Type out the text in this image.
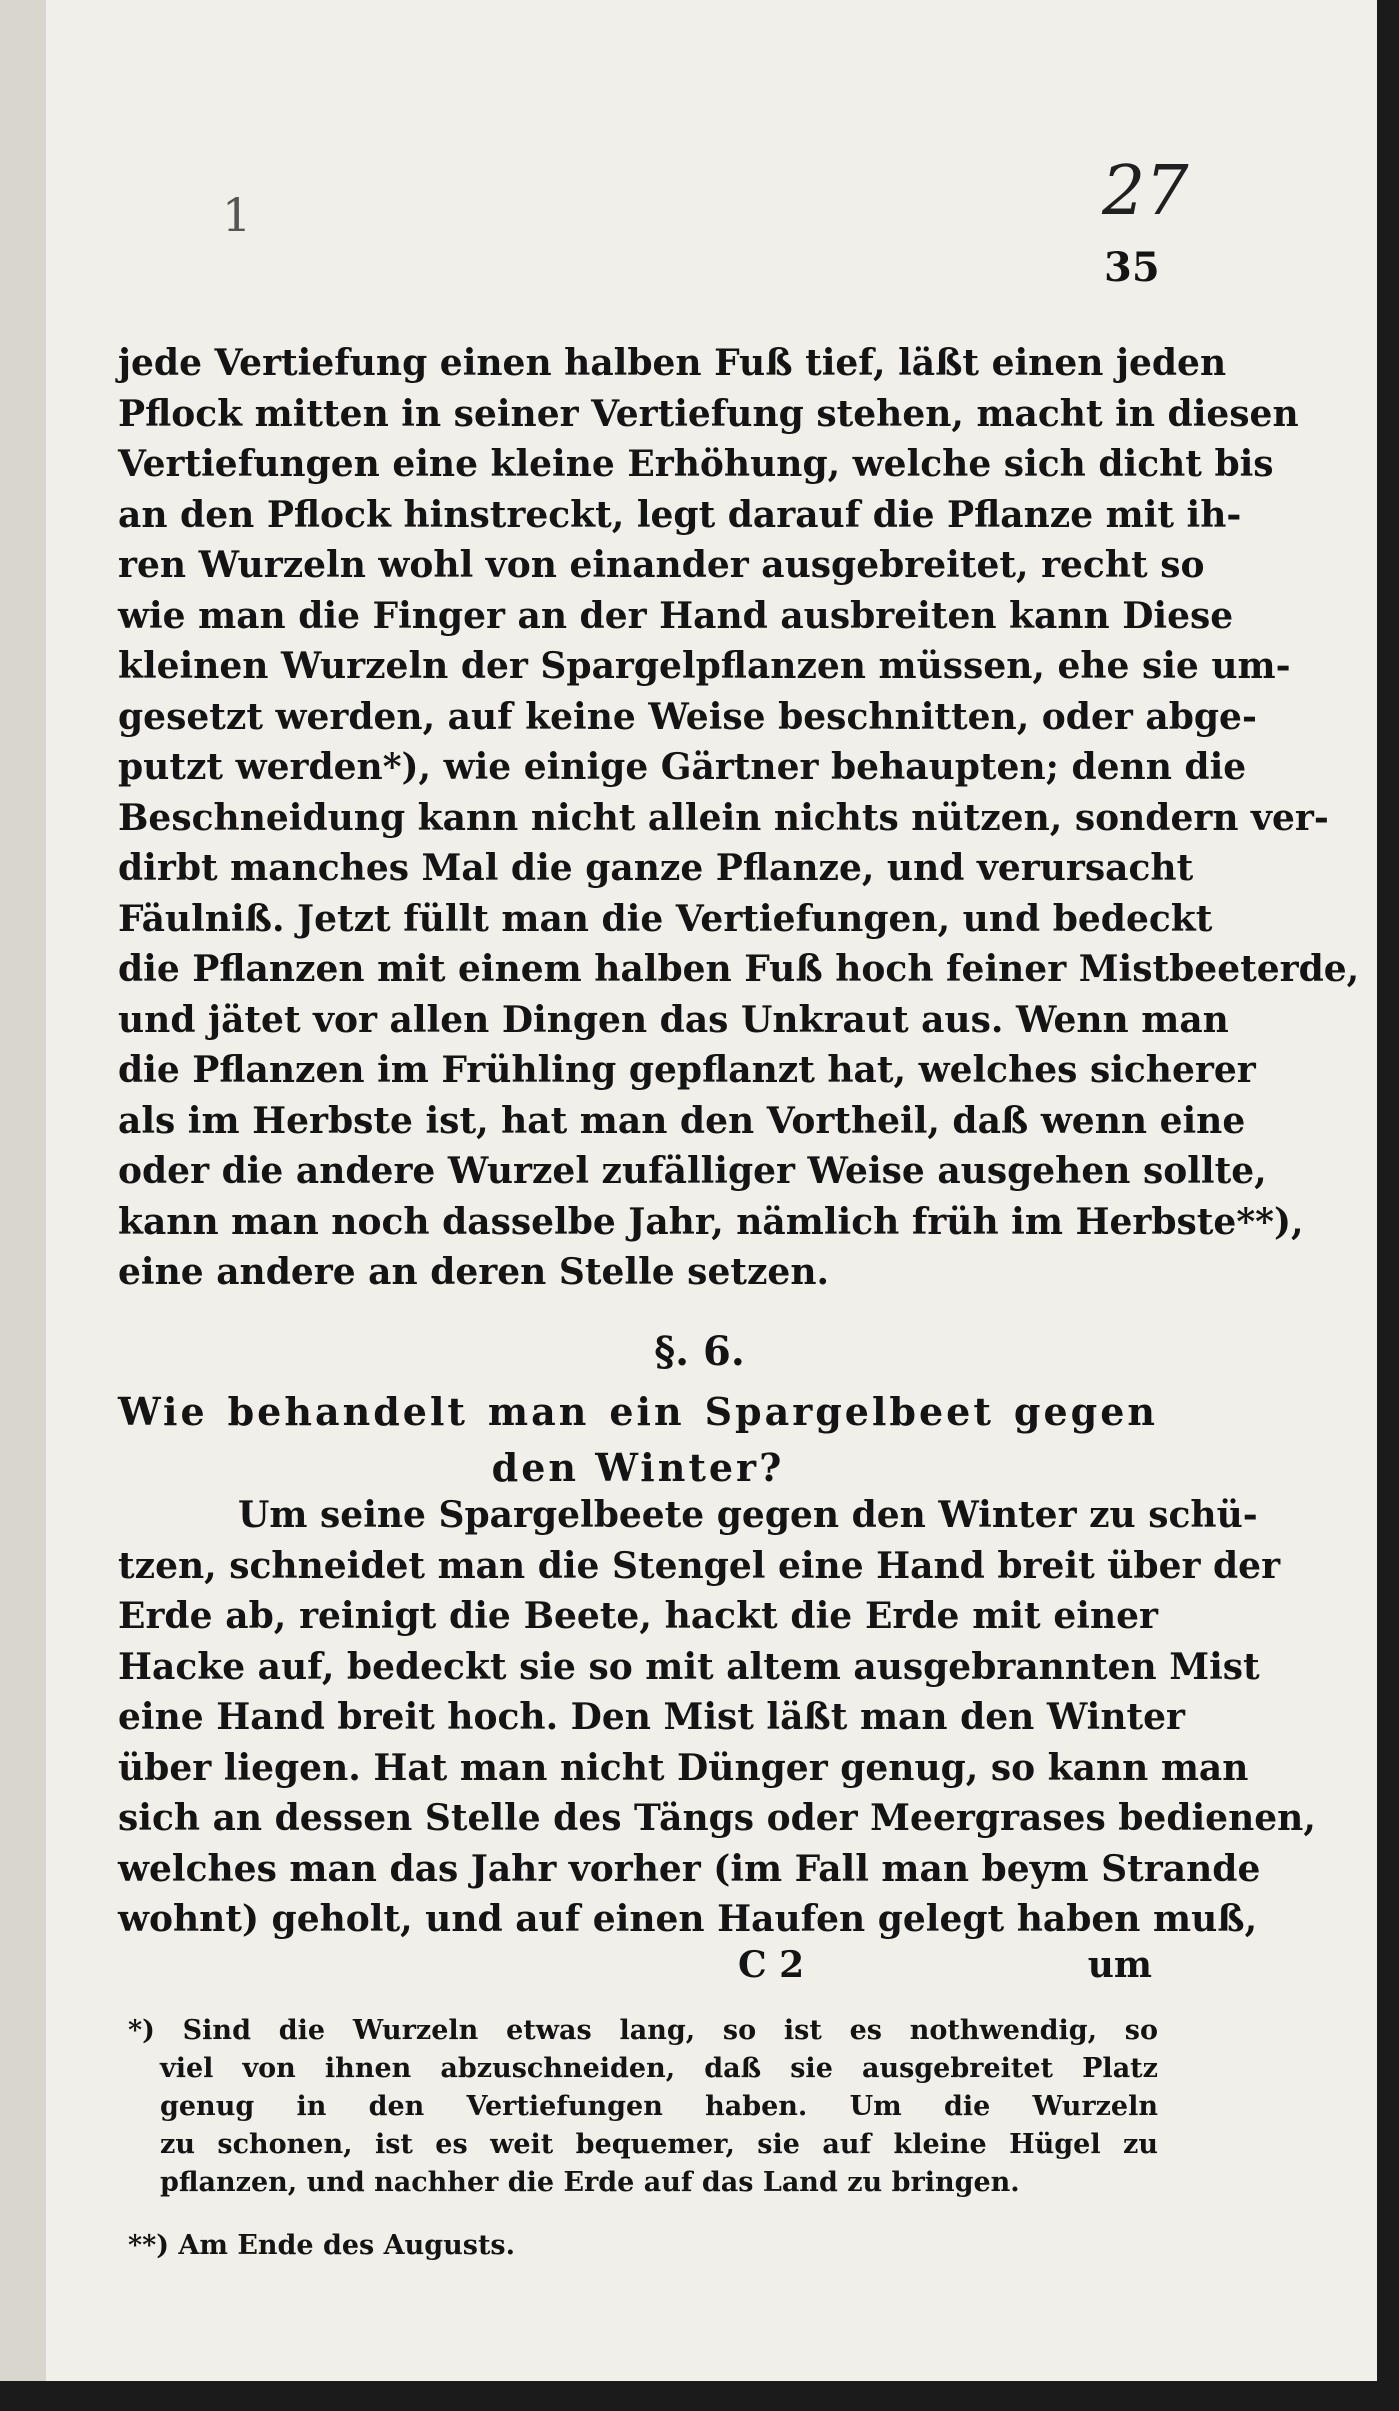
1	27

35

jede Vertiefung einen halben Fuß tief, läßt einen jeden
Pflock mitten in seiner Vertiefung stehen, macht in diesen
Vertiefungen eine kleine Erhöhung, welche sich dicht bis
an den Pflock hinstreckt, legt darauf die Pflanze mit ih-
ren Wurzeln wohl von einander ausgebreitet, recht so
wie man die Finger an der Hand ausbreiten kann Diese
kleinen Wurzeln der Spargelpflanzen müssen, ehe sie um-
gesetzt werden, auf keine Weise beschnitten, oder abge-
putzt werden*), wie einige Gärtner behaupten; denn die
Beschneidung kann nicht allein nichts nützen, sondern ver-
dirbt manches Mal die ganze Pflanze, und verursacht
Fäulniß. Jetzt füllt man die Vertiefungen, und bedeckt
die Pflanzen mit einem halben Fuß hoch feiner Mistbeeterde,
und jätet vor allen Dingen das Unkraut aus. Wenn man
die Pflanzen im Frühling gepflanzt hat, welches sicherer
als im Herbste ist, hat man den Vortheil, daß wenn eine
oder die andere Wurzel zufälliger Weise ausgehen sollte,
kann man noch dasselbe Jahr, nämlich früh im Herbste**),
eine andere an deren Stelle setzen.

§. 6.

Wie behandelt man ein Spargelbeet gegen
den Winter?
Um seine Spargelbeete gegen den Winter zu schü-
tzen, schneidet man die Stengel eine Hand breit über der
Erde ab, reinigt die Beete, hackt die Erde mit einer
Hacke auf, bedeckt sie so mit altem ausgebrannten Mist
eine Hand breit hoch. Den Mist läßt man den Winter
über liegen. Hat man nicht Dünger genug, so kann man
sich an dessen Stelle des Tängs oder Meergrases bedienen,
welches man das Jahr vorher (im Fall man beym Strande
wohnt) geholt, und auf einen Haufen gelegt haben muß,

C 2	um

*) Sind die Wurzeln etwas lang, so ist es nothwendig, so
viel von ihnen abzuschneiden, daß sie ausgebreitet Platz
genug in den Vertiefungen haben. Um die Wurzeln
zu schonen, ist es weit bequemer, sie auf kleine Hügel zu
pflanzen, und nachher die Erde auf das Land zu bringen.

**) Am Ende des Augusts.
